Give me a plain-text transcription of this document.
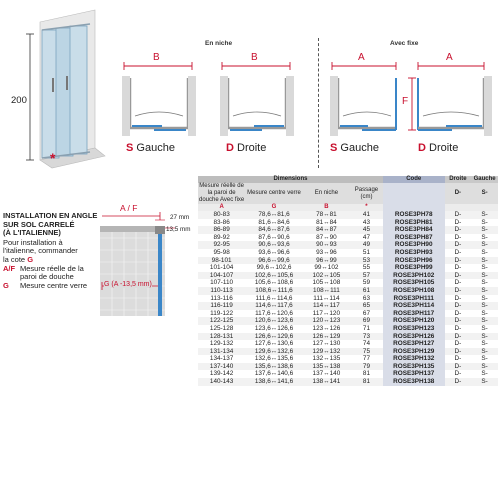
200
*
En niche	Avec fixe
B	B
S Gauche	D Droite
A	A
F
S Gauche	D Droite
INSTALLATION EN ANGLE
SUR SOL CARRELÉ
(À L'ITALIENNE)
Pour installation à
l'italienne, commander
la cote G
A/F Mesure réelle de la
paroi de douche
G	Mesure centre verre
A / F
27 mm
13,5 mm
G (A -13,5 mm)
Dimensions				Code	Droite	Gauche
Mesure réelle de la paroi de douche Avec fixe	Mesure centre verre	En niche	Passage (cm)		D-	S-
A	G	B	*			
80-83	78,6↔81,6	78↔81	41	ROSE3PH78	D-	S-
83-86	81,6↔84,6	81↔84	43	ROSE3PH81	D-	S-
86-89	84,6↔87,6	84↔87	45	ROSE3PH84	D-	S-
89-92	87,6↔90,6	87↔90	47	ROSE3PH87	D-	S-
92-95	90,6↔93,6	90↔93	49	ROSE3PH90	D-	S-
95-98	93,6↔96,6	93↔96	51	ROSE3PH93	D-	S-
98-101	96,6↔99,6	96↔99	53	ROSE3PH96	D-	S-
101-104	99,6↔102,6	99↔102	55	ROSE3PH99	D-	S-
104-107	102,6↔105,6	102↔105	57	ROSE3PH102	D-	S-
107-110	105,6↔108,6	105↔108	59	ROSE3PH105	D-	S-
110-113	108,6↔111,6	108↔111	61	ROSE3PH108	D-	S-
113-116	111,6↔114,6	111↔114	63	ROSE3PH111	D-	S-
116-119	114,6↔117,6	114↔117	65	ROSE3PH114	D-	S-
119-122	117,6↔120,6	117↔120	67	ROSE3PH117	D-	S-
122-125	120,6↔123,6	120↔123	69	ROSE3PH120	D-	S-
125-128	123,6↔126,6	123↔126	71	ROSE3PH123	D-	S-
128-131	126,6↔129,6	126↔129	73	ROSE3PH126	D-	S-
129-132	127,6↔130,6	127↔130	74	ROSE3PH127	D-	S-
131-134	129,6↔132,6	129↔132	75	ROSE3PH129	D-	S-
134-137	132,6↔135,6	132↔135	77	ROSE3PH132	D-	S-
137-140	135,6↔138,6	135↔138	79	ROSE3PH135	D-	S-
139-142	137,6↔140,6	137↔140	81	ROSE3PH137	D-	S-
140-143	138,6↔141,6	138↔141	81	ROSE3PH138	D-	S-
